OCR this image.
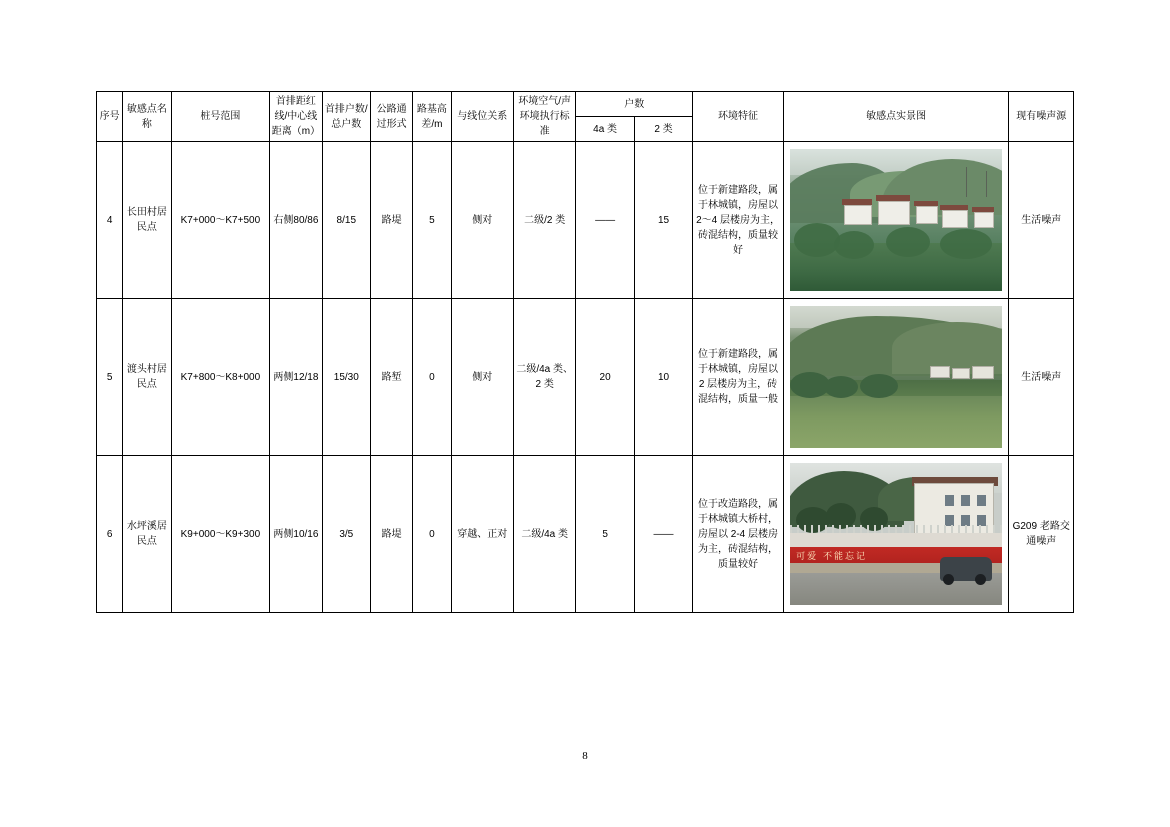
序号	敏感点名称	桩号范围	首排距红线/中心线距离（m）	首排户数/总户数	公路通过形式	路基高差/m	与线位关系	环境空气/声环境执行标准	户数		环境特征	敏感点实景图	现有噪声源
									4a 类	2 类			
4	长田村居民点	K7+000～K7+500	右侧80/86	8/15	路堤	5	侧对	二级/2 类	——	15	位于新建路段，属于林城镇，房屋以 2～4 层楼房为主，砖混结构，质量较好		生活噪声
5	渡头村居民点	K7+800～K8+000	两侧12/18	15/30	路堑	0	侧对	二级/4a 类、2 类	20	10	位于新建路段，属于林城镇，房屋以 2 层楼房为主，砖混结构，质量一般		生活噪声
6	水坪溪居民点	K9+000～K9+300	两侧10/16	3/5	路堤	0	穿越、正对	二级/4a 类	5	——	位于改造路段，属于林城镇大桥村，房屋以 2-4 层楼房为主，砖混结构，质量较好	可爱 不能忘记	G209 老路交通噪声
8
